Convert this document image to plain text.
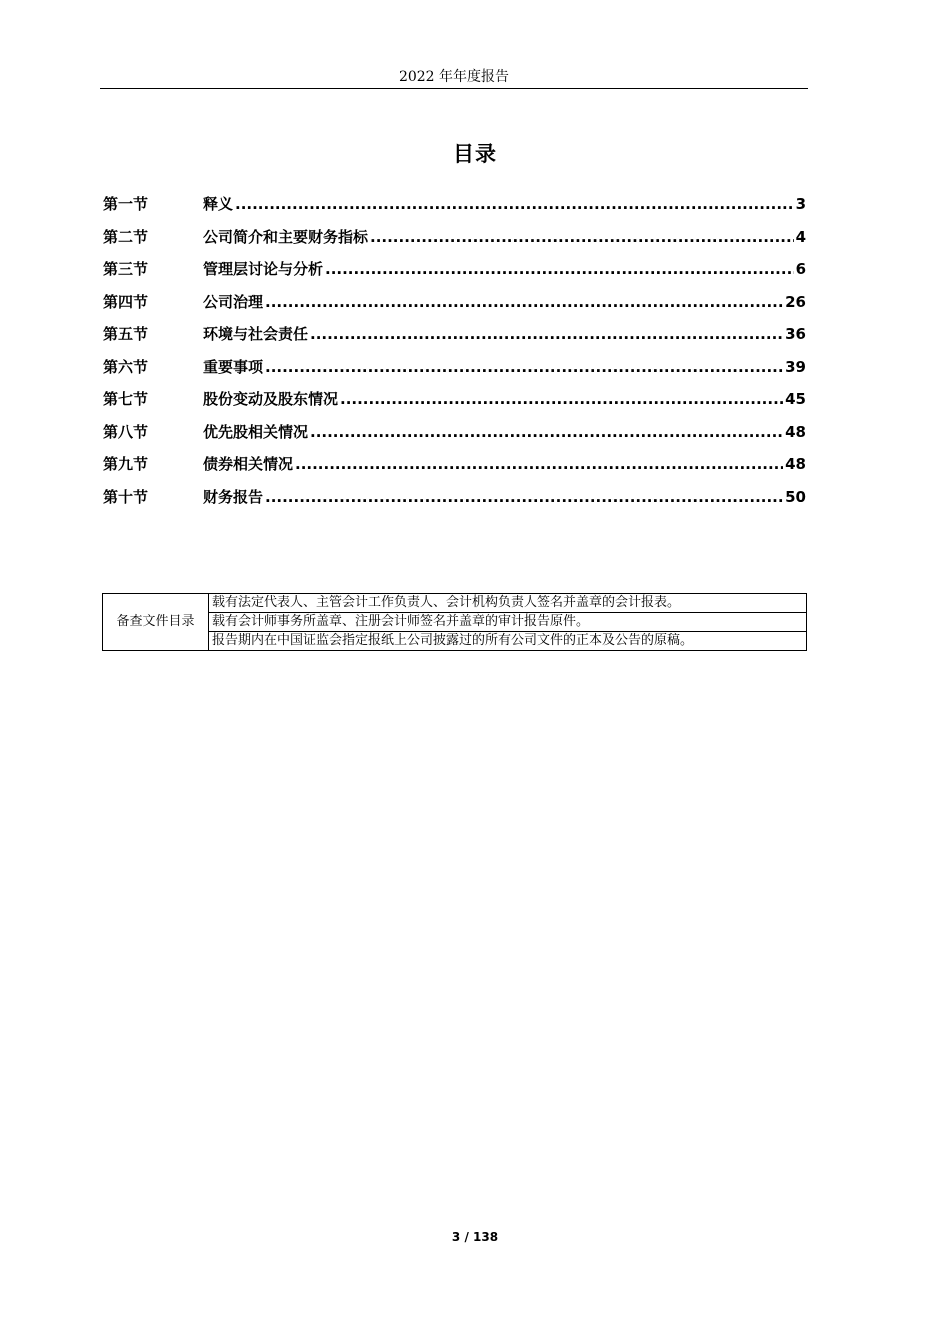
2022 年年度报告
目录
第一节	释义 .....	3
第二节	公司简介和主要财务指标 .....	4
第三节	管理层讨论与分析 .....	6
第四节	公司治理 .....	26
第五节	环境与社会责任 .....	36
第六节	重要事项 .....	39
第七节	股份变动及股东情况 .....	45
第八节	优先股相关情况 .....	48
第九节	债券相关情况 .....	48
第十节	财务报告 .....	50
备查文件目录	载有法定代表人、主管会计工作负责人、会计机构负责人签名并盖章的会计报表。
载有会计师事务所盖章、注册会计师签名并盖章的审计报告原件。
报告期内在中国证监会指定报纸上公司披露过的所有公司文件的正本及公告的原稿。
3 / 138
